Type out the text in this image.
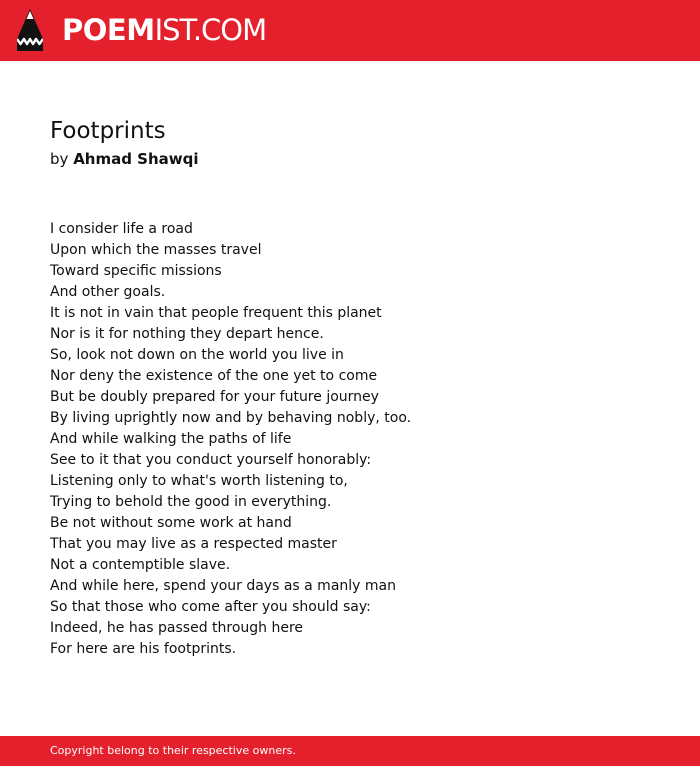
POEMIST.COM
Footprints
by Ahmad Shawqi
I consider life a road
Upon which the masses travel
Toward specific missions
And other goals.
It is not in vain that people frequent this planet
Nor is it for nothing they depart hence.
So, look not down on the world you live in
Nor deny the existence of the one yet to come
But be doubly prepared for your future journey
By living uprightly now and by behaving nobly, too.
And while walking the paths of life
See to it that you conduct yourself honorably:
Listening only to what's worth listening to,
Trying to behold the good in everything.
Be not without some work at hand
That you may live as a respected master
Not a contemptible slave.
And while here, spend your days as a manly man
So that those who come after you should say:
Indeed, he has passed through here
For here are his footprints.
Copyright belong to their respective owners.
